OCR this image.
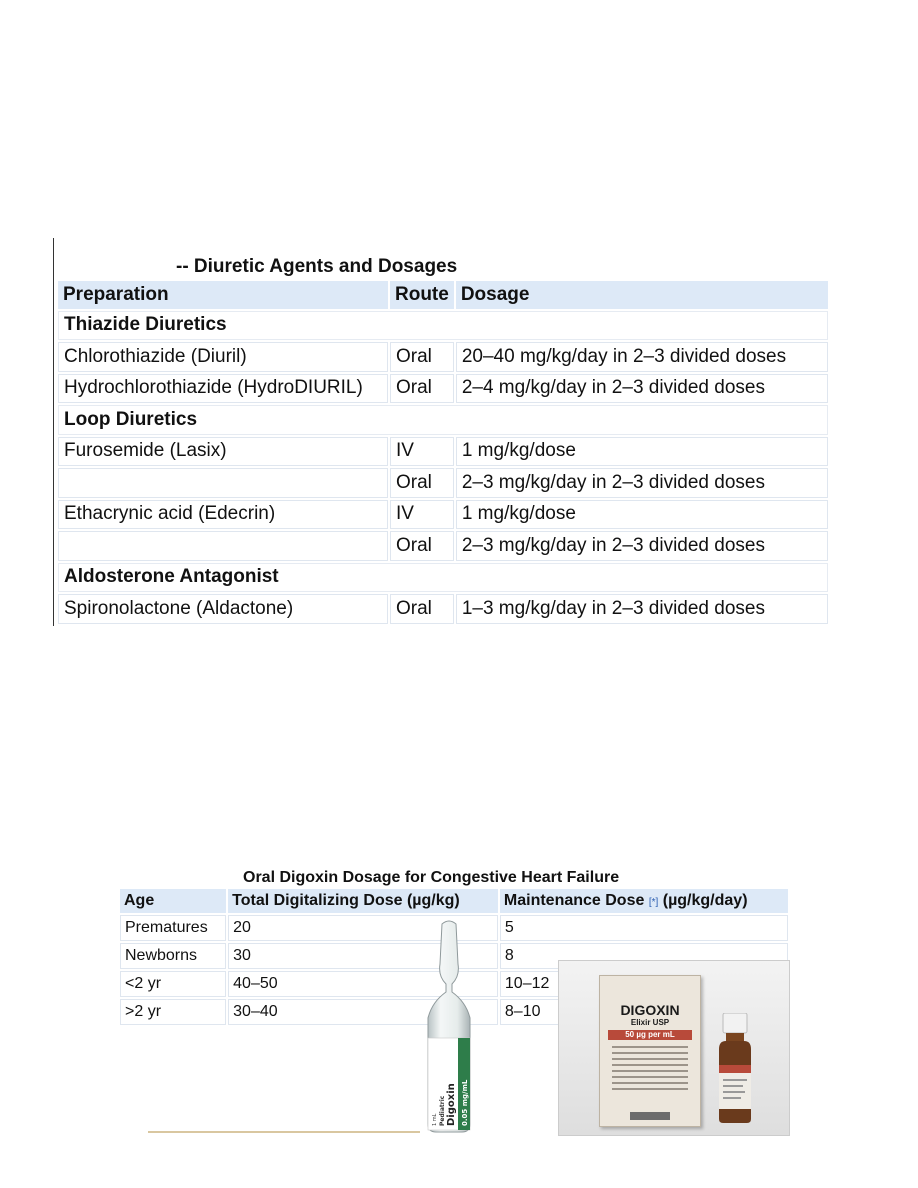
-- Diuretic Agents and Dosages
Preparation	Route	Dosage
Thiazide Diuretics		
Chlorothiazide (Diuril)	Oral	20–40 mg/kg/day in 2–3 divided doses
Hydrochlorothiazide (HydroDIURIL)	Oral	2–4 mg/kg/day in 2–3 divided doses
Loop Diuretics		
Furosemide (Lasix)	IV	1 mg/kg/dose
	Oral	2–3 mg/kg/day in 2–3 divided doses
Ethacrynic acid (Edecrin)	IV	1 mg/kg/dose
	Oral	2–3 mg/kg/day in 2–3 divided doses
Aldosterone Antagonist		
Spironolactone (Aldactone)	Oral	1–3 mg/kg/day in 2–3 divided doses
Oral Digoxin Dosage for Congestive Heart Failure
Age	Total Digitalizing Dose (µg/kg)	Maintenance Dose [*] (µg/kg/day)
Prematures	20	5
Newborns	30	8
<2 yr	40–50	10–12
>2 yr	30–40	8–10
1 mL Pediatric Digoxin 0.05 mg/mL
DIGOXIN
Elixir USP
50 µg per mL
